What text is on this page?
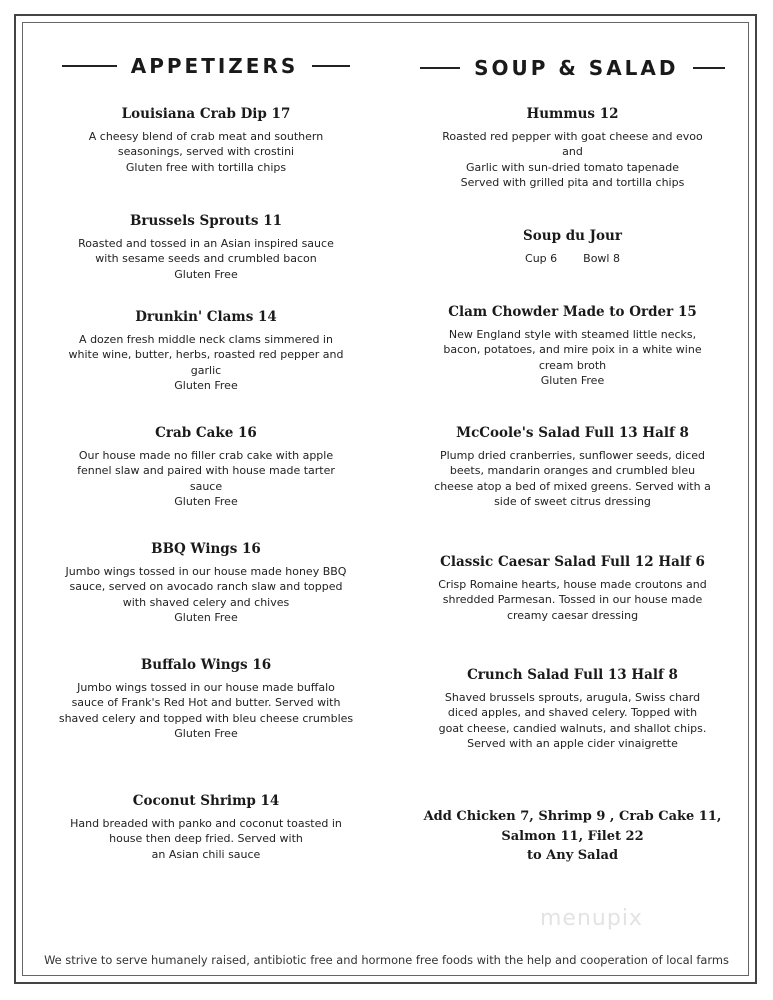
APPETIZERS
Louisiana Crab Dip 17
A cheesy blend of crab meat and southern
seasonings, served with crostini
Gluten free with tortilla chips
Brussels Sprouts 11
Roasted and tossed in an Asian inspired sauce
with sesame seeds and crumbled bacon
Gluten Free
Drunkin' Clams 14
A dozen fresh middle neck clams simmered in
white wine, butter, herbs, roasted red pepper and
garlic
Gluten Free
Crab Cake 16
Our house made no filler crab cake with apple
fennel slaw and paired with house made tarter
sauce
Gluten Free
BBQ Wings 16
Jumbo wings tossed in our house made honey BBQ
sauce, served on avocado ranch slaw and topped
with shaved celery and chives
Gluten Free
Buffalo Wings 16
Jumbo wings tossed in our house made buffalo
sauce of Frank's Red Hot and butter. Served with
shaved celery and topped with bleu cheese crumbles
Gluten Free
Coconut Shrimp 14
Hand breaded with panko and coconut toasted in
house then deep fried. Served with
an Asian chili sauce
SOUP & SALAD
Hummus 12
Roasted red pepper with goat cheese and evoo
and
Garlic with sun-dried tomato tapenade
Served with grilled pita and tortilla chips
Soup du Jour
Cup 6 Bowl 8
Clam Chowder Made to Order 15
New England style with steamed little necks,
bacon, potatoes, and mire poix in a white wine
cream broth
Gluten Free
McCoole's Salad Full 13 Half 8
Plump dried cranberries, sunflower seeds, diced
beets, mandarin oranges and crumbled bleu
cheese atop a bed of mixed greens. Served with a
side of sweet citrus dressing
Classic Caesar Salad Full 12 Half 6
Crisp Romaine hearts, house made croutons and
shredded Parmesan. Tossed in our house made
creamy caesar dressing
Crunch Salad Full 13 Half 8
Shaved brussels sprouts, arugula, Swiss chard
diced apples, and shaved celery. Topped with
goat cheese, candied walnuts, and shallot chips.
Served with an apple cider vinaigrette
Add Chicken 7, Shrimp 9 , Crab Cake 11,
Salmon 11, Filet 22
to Any Salad
menupix
We strive to serve humanely raised, antibiotic free and hormone free foods with the help and cooperation of local farms
